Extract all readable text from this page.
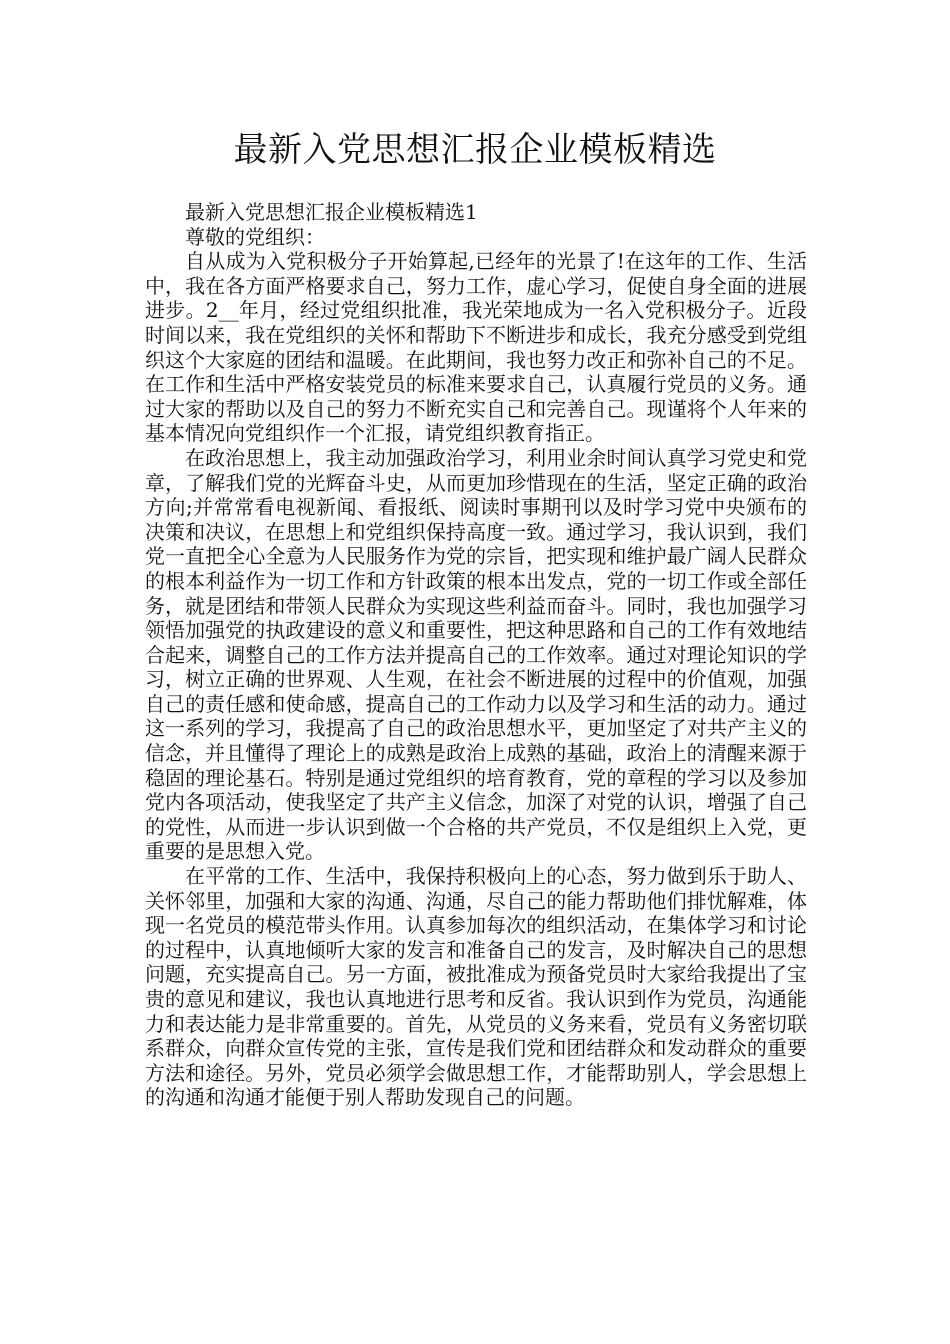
最新入党思想汇报企业模板精选

最新入党思想汇报企业模板精选1

尊敬的党组织：

自从成为入党积极分子开始算起,已经年的光景了!在这年的工作、生活中，我在各方面严格要求自己，努力工作，虚心学习，促使自身全面的进展进步。2__年月，经过党组织批准，我光荣地成为一名入党积极分子。近段时间以来，我在党组织的关怀和帮助下不断进步和成长，我充分感受到党组织这个大家庭的团结和温暖。在此期间，我也努力改正和弥补自己的不足。在工作和生活中严格安装党员的标准来要求自己，认真履行党员的义务。通过大家的帮助以及自己的努力不断充实自己和完善自己。现谨将个人年来的基本情况向党组织作一个汇报，请党组织教育指正。

在政治思想上，我主动加强政治学习，利用业余时间认真学习党史和党章，了解我们党的光辉奋斗史，从而更加珍惜现在的生活，坚定正确的政治方向;并常常看电视新闻、看报纸、阅读时事期刊以及时学习党中央颁布的决策和决议，在思想上和党组织保持高度一致。通过学习，我认识到，我们党一直把全心全意为人民服务作为党的宗旨，把实现和维护最广阔人民群众的根本利益作为一切工作和方针政策的根本出发点，党的一切工作或全部任务，就是团结和带领人民群众为实现这些利益而奋斗。同时，我也加强学习领悟加强党的执政建设的意义和重要性，把这种思路和自己的工作有效地结合起来，调整自己的工作方法并提高自己的工作效率。通过对理论知识的学习，树立正确的世界观、人生观，在社会不断进展的过程中的价值观，加强自己的责任感和使命感，提高自己的工作动力以及学习和生活的动力。通过这一系列的学习，我提高了自己的政治思想水平，更加坚定了对共产主义的信念，并且懂得了理论上的成熟是政治上成熟的基础，政治上的清醒来源于稳固的理论基石。特别是通过党组织的培育教育，党的章程的学习以及参加党内各项活动，使我坚定了共产主义信念，加深了对党的认识，增强了自己的党性，从而进一步认识到做一个合格的共产党员，不仅是组织上入党，更重要的是思想入党。

在平常的工作、生活中，我保持积极向上的心态，努力做到乐于助人、关怀邻里，加强和大家的沟通、沟通，尽自己的能力帮助他们排忧解难，体现一名党员的模范带头作用。认真参加每次的组织活动，在集体学习和讨论的过程中，认真地倾听大家的发言和准备自己的发言，及时解决自己的思想问题，充实提高自己。另一方面，被批准成为预备党员时大家给我提出了宝贵的意见和建议，我也认真地进行思考和反省。我认识到作为党员，沟通能力和表达能力是非常重要的。首先，从党员的义务来看，党员有义务密切联系群众，向群众宣传党的主张，宣传是我们党和团结群众和发动群众的重要方法和途径。另外，党员必须学会做思想工作，才能帮助别人，学会思想上的沟通和沟通才能便于别人帮助发现自己的问题。
